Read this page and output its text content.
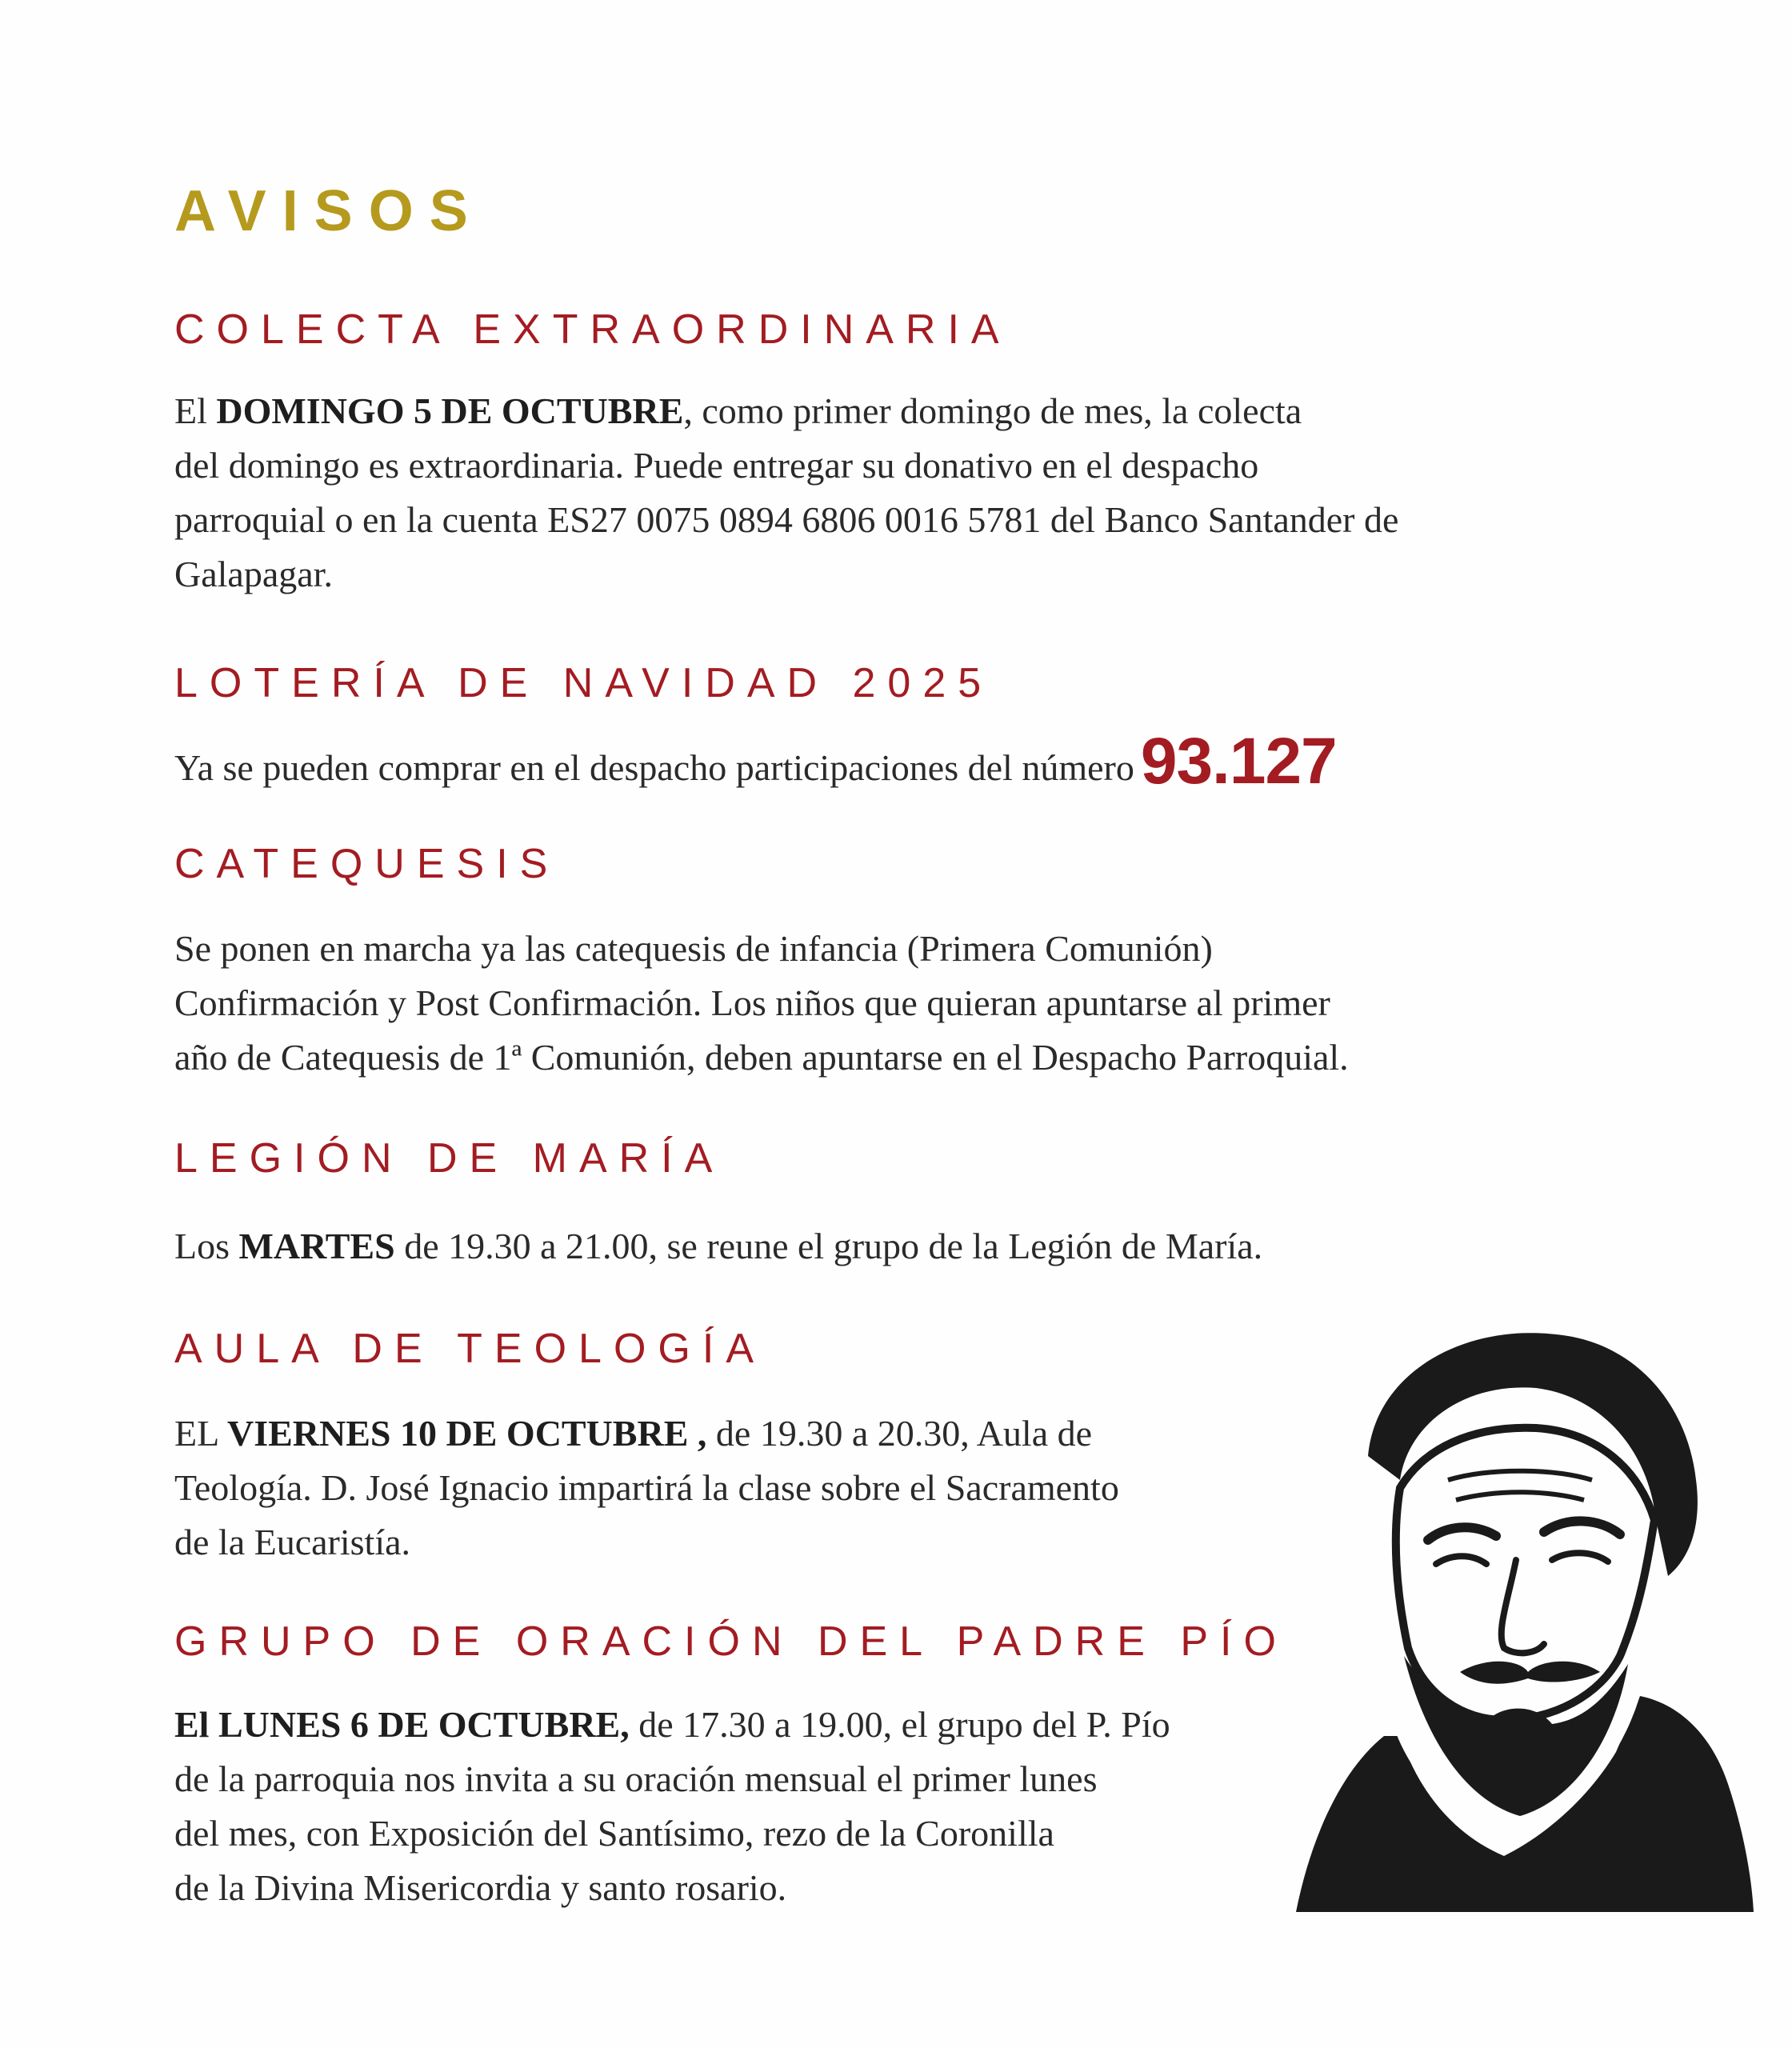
AVISOS
COLECTA EXTRAORDINARIA
El DOMINGO 5 DE OCTUBRE, como primer domingo de mes, la colecta
del domingo es extraordinaria. Puede entregar su donativo en el despacho
parroquial o en la cuenta ES27 0075 0894 6806 0016 5781 del Banco Santander de
Galapagar.
LOTERÍA DE NAVIDAD 2025
Ya se pueden comprar en el despacho participaciones del número93.127
CATEQUESIS
Se ponen en marcha ya las catequesis de infancia (Primera Comunión)
Confirmación y Post Confirmación. Los niños que quieran apuntarse al primer
año de Catequesis de 1ª Comunión, deben apuntarse en el Despacho Parroquial.
LEGIÓN DE MARÍA
Los MARTES de 19.30 a 21.00, se reune el grupo de la Legión de María.
AULA DE TEOLOGÍA
EL VIERNES 10 DE OCTUBRE , de 19.30 a 20.30, Aula de
Teología. D. José Ignacio impartirá la clase sobre el Sacramento
de la Eucaristía.
GRUPO DE ORACIÓN DEL PADRE PÍO
El LUNES 6 DE OCTUBRE, de 17.30 a 19.00, el grupo del P. Pío
de la parroquia nos invita a su oración mensual el primer lunes
del mes, con Exposición del Santísimo, rezo de la Coronilla
de la Divina Misericordia y santo rosario.
